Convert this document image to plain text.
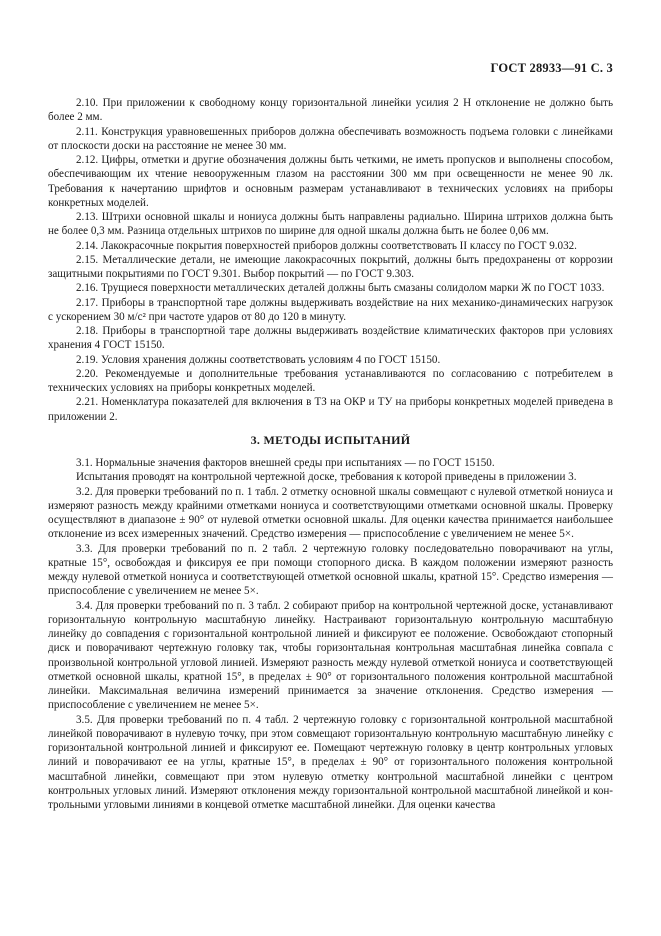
ГОСТ 28933—91 С. 3

2.10. При приложении к свободному концу горизонтальной линейки усилия 2 Н отклонение не должно быть более 2 мм.

2.11. Конструкция уравновешенных приборов должна обеспечивать возможность подъема головки с линейками от плоскости доски на расстояние не менее 30 мм.

2.12. Цифры, отметки и другие обозначения должны быть четкими, не иметь пропусков и выполнены способом, обеспечивающим их чтение невооруженным глазом на расстоянии 300 мм при освещенности не менее 90 лк. Требования к начертанию шрифтов и основным размерам устанавливают в технических условиях на приборы конкретных моделей.

2.13. Штрихи основной шкалы и нониуса должны быть направлены радиально. Ширина штрихов должна быть не более 0,3 мм. Разница отдельных штрихов по ширине для одной шкалы должна быть не более 0,06 мм.

2.14. Лакокрасочные покрытия поверхностей приборов должны соответствовать II классу по ГОСТ 9.032.

2.15. Металлические детали, не имеющие лакокрасочных покрытий, должны быть предохранены от коррозии защитными покрытиями по ГОСТ 9.301. Выбор покрытий — по ГОСТ 9.303.

2.16. Трущиеся поверхности металлических деталей должны быть смазаны солидолом марки Ж по ГОСТ 1033.

2.17. Приборы в транспортной таре должны выдерживать воздействие на них механико-динамических нагрузок с ускорением 30 м/с² при частоте ударов от 80 до 120 в минуту.

2.18. Приборы в транспортной таре должны выдерживать воздействие климатических факторов при условиях хранения 4 ГОСТ 15150.

2.19. Условия хранения должны соответствовать условиям 4 по ГОСТ 15150.

2.20. Рекомендуемые и дополнительные требования устанавливаются по согласованию с потребителем в технических условиях на приборы конкретных моделей.

2.21. Номенклатура показателей для включения в ТЗ на ОКР и ТУ на приборы конкретных моделей приведена в приложении 2.

3. МЕТОДЫ ИСПЫТАНИЙ

3.1. Нормальные значения факторов внешней среды при испытаниях — по ГОСТ 15150.

Испытания проводят на контрольной чертежной доске, требования к которой приведены в приложении 3.

3.2. Для проверки требований по п. 1 табл. 2 отметку основной шкалы совмещают с нулевой отметкой нониуса и измеряют разность между крайними отметками нониуса и соответствующими отметками основной шкалы. Проверку осуществляют в диапазоне ± 90° от нулевой отметки основной шкалы. Для оценки качества принимается наибольшее отклонение из всех измеренных значений. Средство измерения — приспособление с увеличением не менее 5×.

3.3. Для проверки требований по п. 2 табл. 2 чертежную головку последовательно поворачивают на углы, кратные 15°, освобождая и фиксируя ее при помощи стопорного диска. В каждом положении измеряют разность между нулевой отметкой нониуса и соответствующей отметкой основной шкалы, кратной 15°. Средство измерения — приспособление с увеличением не менее 5×.

3.4. Для проверки требований по п. 3 табл. 2 собирают прибор на контрольной чертежной доске, устанавливают горизонтальную контрольную масштабную линейку. Настраивают горизонтальную контрольную масштабную линейку до совпадения с горизонтальной контрольной линией и фиксируют ее положение. Освобождают стопорный диск и поворачивают чертежную головку так, чтобы горизонтальная контрольная масштабная линейка совпала с произвольной контрольной угловой линией. Измеряют разность между нулевой отметкой нониуса и соответствующей отметкой основной шкалы, кратной 15°, в пределах ± 90° от горизонтального положения контрольной масштабной линейки. Максимальная величина измерений принимается за значение отклонения. Средство измерения — приспособление с увеличением не менее 5×.

3.5. Для проверки требований по п. 4 табл. 2 чертежную головку с горизонтальной контрольной масштабной линейкой поворачивают в нулевую точку, при этом совмещают горизонтальную контрольную масштабную линейку с горизонтальной контрольной линией и фиксируют ее. Помещают чертежную головку в центр контрольных угловых линий и поворачивают ее на углы, кратные 15°, в пределах ± 90° от горизонтального положения контрольной масштабной линейки, совмещают при этом нулевую отметку контрольной масштабной линейки с центром контрольных угловых линий. Измеряют отклонения между горизонтальной контрольной масштабной линейкой и контрольными угловыми линиями в концевой отметке масштабной линейки. Для оценки качества
